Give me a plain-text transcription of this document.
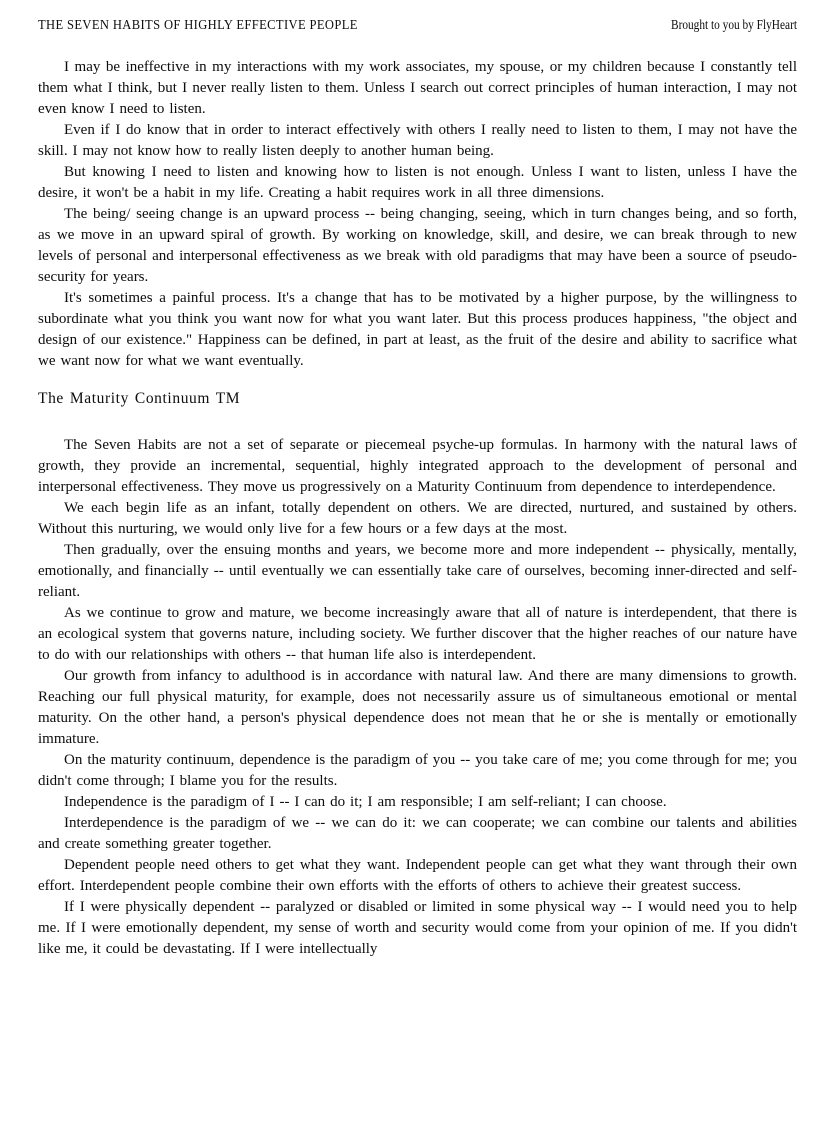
THE SEVEN HABITS OF HIGHLY EFFECTIVE PEOPLE	Brought to you by FlyHeart

I may be ineffective in my interactions with my work associates, my spouse, or my children because I constantly tell them what I think, but I never really listen to them. Unless I search out correct principles of human interaction, I may not even know I need to listen.

Even if I do know that in order to interact effectively with others I really need to listen to them, I may not have the skill. I may not know how to really listen deeply to another human being.

But knowing I need to listen and knowing how to listen is not enough. Unless I want to listen, unless I have the desire, it won't be a habit in my life. Creating a habit requires work in all three dimensions.

The being/ seeing change is an upward process -- being changing, seeing, which in turn changes being, and so forth, as we move in an upward spiral of growth. By working on knowledge, skill, and desire, we can break through to new levels of personal and interpersonal effectiveness as we break with old paradigms that may have been a source of pseudo-security for years.

It's sometimes a painful process. It's a change that has to be motivated by a higher purpose, by the willingness to subordinate what you think you want now for what you want later. But this process produces happiness, "the object and design of our existence." Happiness can be defined, in part at least, as the fruit of the desire and ability to sacrifice what we want now for what we want eventually.

The Maturity Continuum TM

The Seven Habits are not a set of separate or piecemeal psyche-up formulas. In harmony with the natural laws of growth, they provide an incremental, sequential, highly integrated approach to the development of personal and interpersonal effectiveness. They move us progressively on a Maturity Continuum from dependence to interdependence.

We each begin life as an infant, totally dependent on others. We are directed, nurtured, and sustained by others. Without this nurturing, we would only live for a few hours or a few days at the most.

Then gradually, over the ensuing months and years, we become more and more independent -- physically, mentally, emotionally, and financially -- until eventually we can essentially take care of ourselves, becoming inner-directed and self-reliant.

As we continue to grow and mature, we become increasingly aware that all of nature is interdependent, that there is an ecological system that governs nature, including society. We further discover that the higher reaches of our nature have to do with our relationships with others -- that human life also is interdependent.

Our growth from infancy to adulthood is in accordance with natural law. And there are many dimensions to growth. Reaching our full physical maturity, for example, does not necessarily assure us of simultaneous emotional or mental maturity. On the other hand, a person's physical dependence does not mean that he or she is mentally or emotionally immature.

On the maturity continuum, dependence is the paradigm of you -- you take care of me; you come through for me; you didn't come through; I blame you for the results.

Independence is the paradigm of I -- I can do it; I am responsible; I am self-reliant; I can choose.

Interdependence is the paradigm of we -- we can do it: we can cooperate; we can combine our talents and abilities and create something greater together.

Dependent people need others to get what they want. Independent people can get what they want through their own effort. Interdependent people combine their own efforts with the efforts of others to achieve their greatest success.

If I were physically dependent -- paralyzed or disabled or limited in some physical way -- I would need you to help me. If I were emotionally dependent, my sense of worth and security would come from your opinion of me. If you didn't like me, it could be devastating. If I were intellectually
